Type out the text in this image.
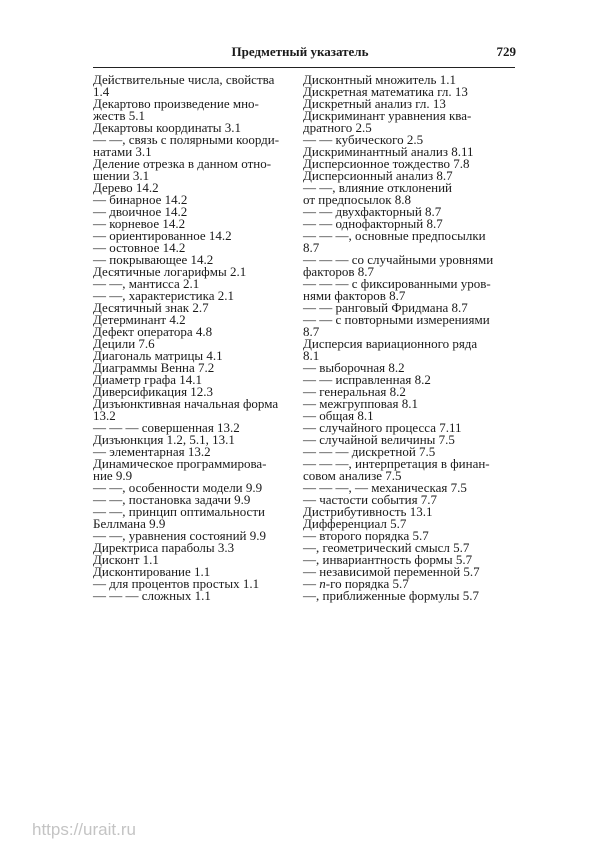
Предметный указатель	729
Действительные числа, свойства
1.4
Декартово произведение мно-
жеств 5.1
Декартовы координаты 3.1
— —, связь с полярными коорди-
натами 3.1
Деление отрезка в данном отно-
шении 3.1
Дерево 14.2
— бинарное 14.2
— двоичное 14.2
— корневое 14.2
— ориентированное 14.2
— остовное 14.2
— покрывающее 14.2
Десятичные логарифмы 2.1
— —, мантисса 2.1
— —, характеристика 2.1
Десятичный знак 2.7
Детерминант 4.2
Дефект оператора 4.8
Децили 7.6
Диагональ матрицы 4.1
Диаграммы Венна 7.2
Диаметр графа 14.1
Диверсификация 12.3
Дизъюнктивная начальная форма
13.2
— — — совершенная 13.2
Дизъюнкция 1.2, 5.1, 13.1
— элементарная 13.2
Динамическое программирова-
ние 9.9
— —, особенности модели 9.9
— —, постановка задачи 9.9
— —, принцип оптимальности
Беллмана 9.9
— —, уравнения состояний 9.9
Директриса параболы 3.3
Дисконт 1.1
Дисконтирование 1.1
— для процентов простых 1.1
— — — сложных 1.1
Дисконтный множитель 1.1
Дискретная математика гл. 13
Дискретный анализ гл. 13
Дискриминант уравнения ква-
дратного 2.5
— — кубического 2.5
Дискриминантный анализ 8.11
Дисперсионное тождество 7.8
Дисперсионный анализ 8.7
— —, влияние отклонений
от предпосылок 8.8
— — двухфакторный 8.7
— — однофакторный 8.7
— — —, основные предпосылки
8.7
— — — со случайными уровнями
факторов 8.7
— — — с фиксированными уров-
нями факторов 8.7
— — ранговый Фридмана 8.7
— — с повторными измерениями
8.7
Дисперсия вариационного ряда
8.1
— выборочная 8.2
— — исправленная 8.2
— генеральная 8.2
— межгрупповая 8.1
— общая 8.1
— случайного процесса 7.11
— случайной величины 7.5
— — — дискретной 7.5
— — —, интерпретация в финан-
совом анализе 7.5
— — —, — механическая 7.5
— частости события 7.7
Дистрибутивность 13.1
Дифференциал 5.7
— второго порядка 5.7
—, геометрический смысл 5.7
—, инвариантность формы 5.7
— независимой переменной 5.7
— n-го порядка 5.7
—, приближенные формулы 5.7
https://urait.ru
